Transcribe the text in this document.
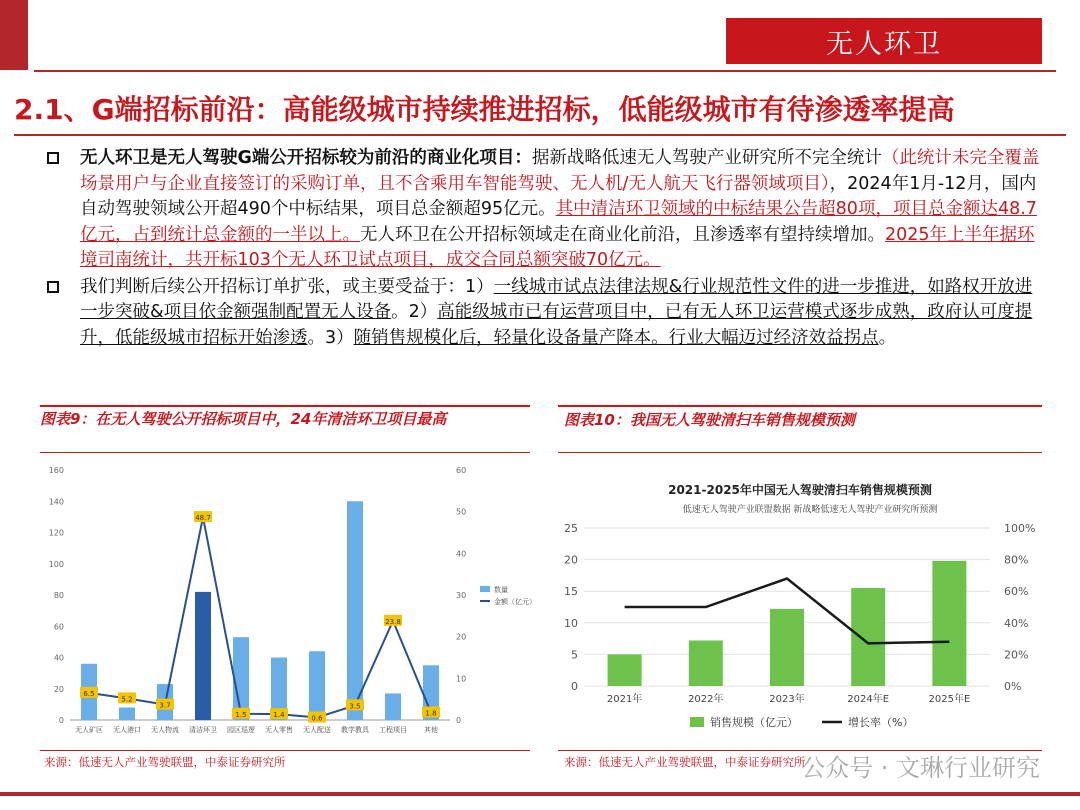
无人环卫
2.1、G端招标前沿：高能级城市持续推进招标，低能级城市有待渗透率提高
无人环卫是无人驾驶G端公开招标较为前沿的商业化项目：据新战略低速无人驾驶产业研究所不完全统计（此统计未完全覆盖场景用户与企业直接签订的采购订单，且不含乘用车智能驾驶、无人机/无人航天飞行器领域项目），2024年1月-12月，国内自动驾驶领域公开超490个中标结果，项目总金额超95亿元。其中清洁环卫领域的中标结果公告超80项，项目总金额达48.7亿元，占到统计总金额的一半以上。无人环卫在公开招标领域走在商业化前沿，且渗透率有望持续增加。2025年上半年据环境司南统计，共开标103个无人环卫试点项目，成交合同总额突破70亿元。
我们判断后续公开招标订单扩张，或主要受益于：1）一线城市试点法律法规&行业规范性文件的进一步推进，如路权开放进一步突破&项目依金额强制配置无人设备。2）高能级城市已有运营项目中，已有无人环卫运营模式逐步成熟，政府认可度提升，低能级城市招标开始渗透。3）随销售规模化后，轻量化设备量产降本。行业大幅迈过经济效益拐点。
图表9：在无人驾驶公开招标项目中，24年清洁环卫项目最高
0
20
40
60
80
100
120
140
160
0
10
20
30
40
50
60
无人矿区 无人港口 无人物流 清洁环卫 园区巡逻 无人零售 无人配送 教学教具 工程项目 其他
6.5
5.2
3.7
48.7
1.5	1.4	0.6
3.5
23.8
1.8
数量
金额（亿元）
来源：低速无人产业驾驶联盟，中泰证券研究所
图表10：我国无人驾驶清扫车销售规模预测
2021-2025年中国无人驾驶清扫车销售规模预测
低速无人驾驶产业联盟数据 新战略低速无人驾驶产业研究所预测
0
5
10
15
20
25
0%
20%
40%
60%
80%
100%
2021年	2022年	2023年	2024年E	2025年E
销售规模（亿元）	增长率（%）
来源：低速无人产业驾驶联盟，中泰证券研究所
公众号 · 文琳行业研究
